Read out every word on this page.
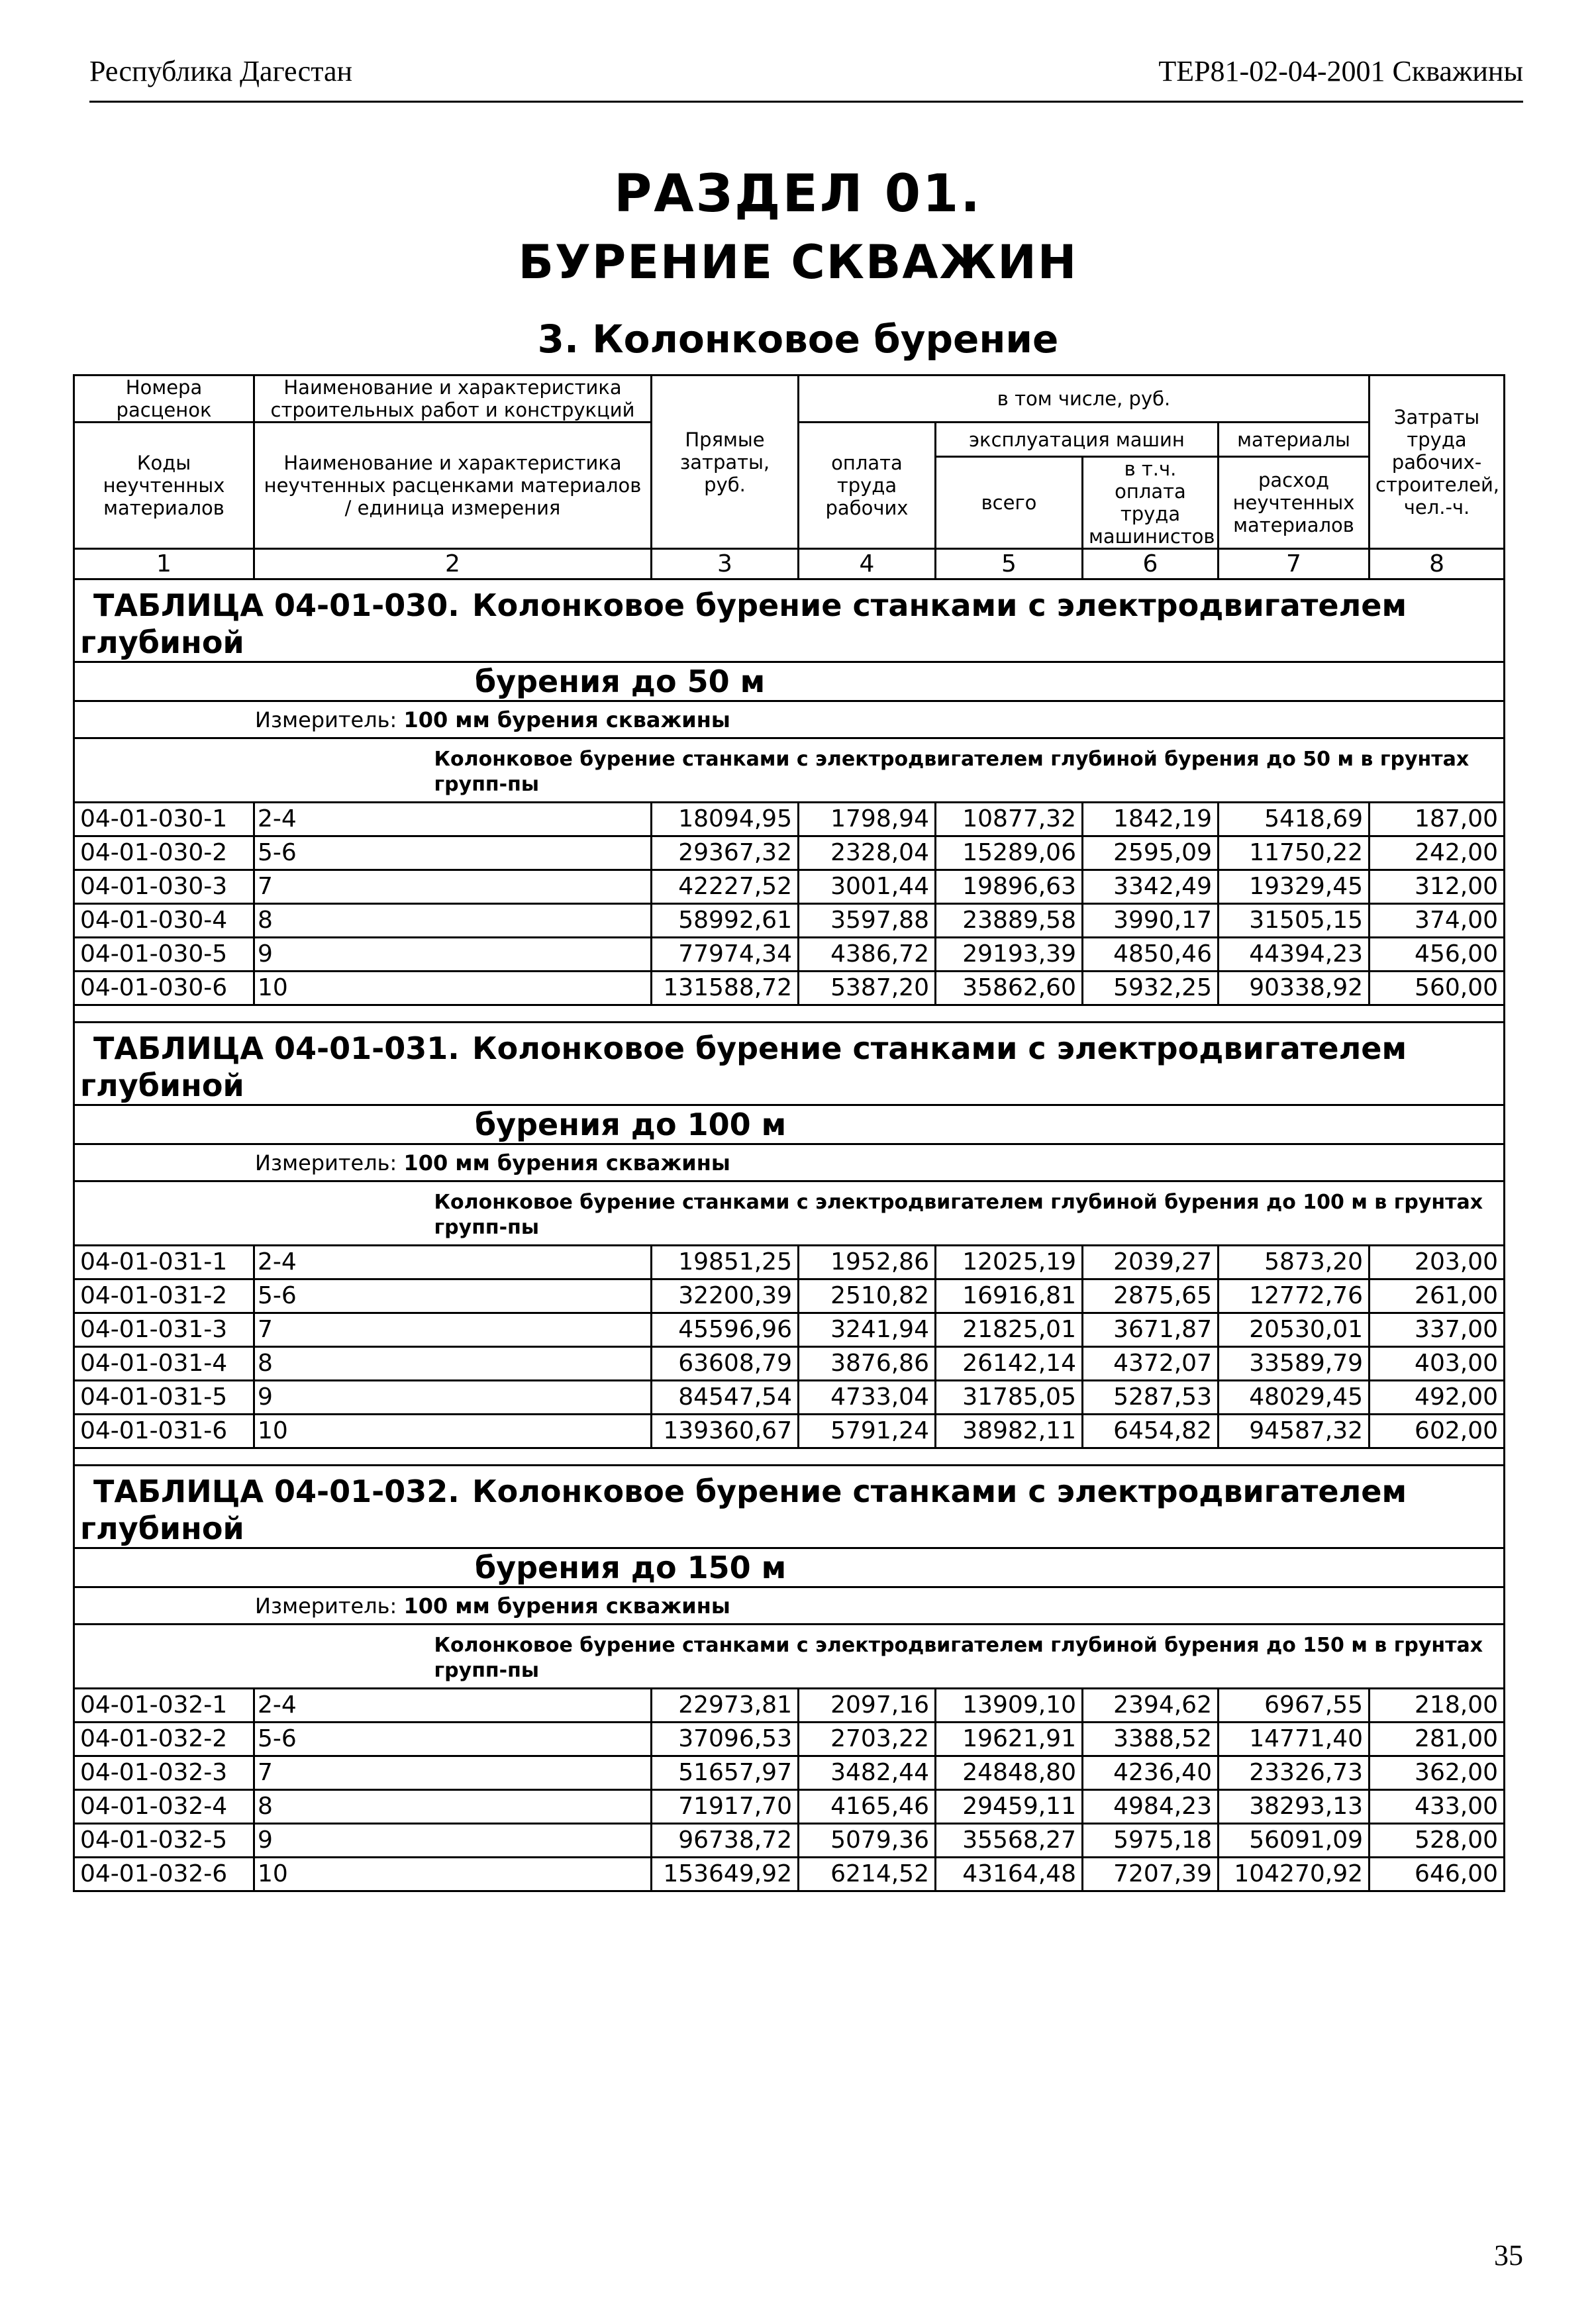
Республика Дагестан	ТЕР81-02-04-2001 Скважины
РАЗДЕЛ 01.
БУРЕНИЕ СКВАЖИН
3. Колонковое бурение
Номера расценок	Наименование и характеристика строительных работ и конструкций	Прямые затраты, руб.	в том числе, руб.				Затраты труда рабочих-строителей, чел.-ч.
Коды неучтенных материалов	Наименование и характеристика неучтенных расценками материалов / единица измерения		оплата труда рабочих	эксплуатация машин		материалы	
				всего	в т.ч. оплата труда машинистов	расход неучтенных материалов	
1	2	3	4	5	6	7	8
ТАБЛИЦА 04-01-030. Колонковое бурение станками с электродвигателем глубиной							
бурения до 50 м							
Измеритель: 100 мм бурения скважины							
	Колонковое бурение станками с электродвигателем глубиной бурения до 50 м в грунтах групп-пы						
04-01-030-1	2-4	18094,95	1798,94	10877,32	1842,19	5418,69	187,00
04-01-030-2	5-6	29367,32	2328,04	15289,06	2595,09	11750,22	242,00
04-01-030-3	7	42227,52	3001,44	19896,63	3342,49	19329,45	312,00
04-01-030-4	8	58992,61	3597,88	23889,58	3990,17	31505,15	374,00
04-01-030-5	9	77974,34	4386,72	29193,39	4850,46	44394,23	456,00
04-01-030-6	10	131588,72	5387,20	35862,60	5932,25	90338,92	560,00

ТАБЛИЦА 04-01-031. Колонковое бурение станками с электродвигателем глубиной							
бурения до 100 м							
Измеритель: 100 мм бурения скважины							
	Колонковое бурение станками с электродвигателем глубиной бурения до 100 м в грунтах групп-пы						
04-01-031-1	2-4	19851,25	1952,86	12025,19	2039,27	5873,20	203,00
04-01-031-2	5-6	32200,39	2510,82	16916,81	2875,65	12772,76	261,00
04-01-031-3	7	45596,96	3241,94	21825,01	3671,87	20530,01	337,00
04-01-031-4	8	63608,79	3876,86	26142,14	4372,07	33589,79	403,00
04-01-031-5	9	84547,54	4733,04	31785,05	5287,53	48029,45	492,00
04-01-031-6	10	139360,67	5791,24	38982,11	6454,82	94587,32	602,00

ТАБЛИЦА 04-01-032. Колонковое бурение станками с электродвигателем глубиной							
бурения до 150 м							
Измеритель: 100 мм бурения скважины							
	Колонковое бурение станками с электродвигателем глубиной бурения до 150 м в грунтах групп-пы						
04-01-032-1	2-4	22973,81	2097,16	13909,10	2394,62	6967,55	218,00
04-01-032-2	5-6	37096,53	2703,22	19621,91	3388,52	14771,40	281,00
04-01-032-3	7	51657,97	3482,44	24848,80	4236,40	23326,73	362,00
04-01-032-4	8	71917,70	4165,46	29459,11	4984,23	38293,13	433,00
04-01-032-5	9	96738,72	5079,36	35568,27	5975,18	56091,09	528,00
04-01-032-6	10	153649,92	6214,52	43164,48	7207,39	104270,92	646,00
35
